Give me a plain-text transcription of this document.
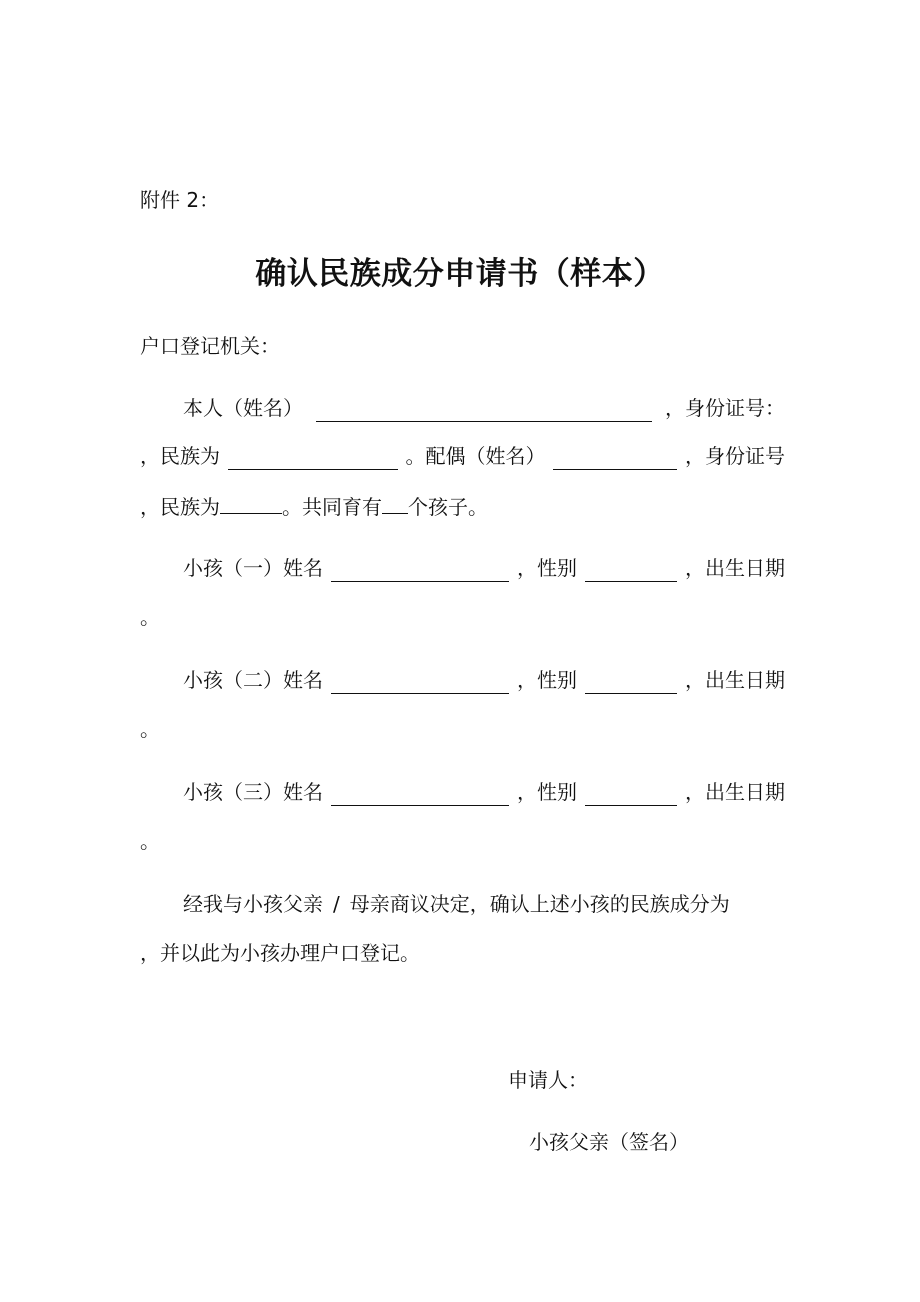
附件 2：
确认民族成分申请书（样本）
户口登记机关：
本人（姓名）	，身份证号：
，民族为	。配偶（姓名）	，身份证号
，民族为	。共同育有 个孩子。
小孩（一）姓名	，性别	，出生日期
。
小孩（二）姓名	，性别	，出生日期
。
小孩（三）姓名	，性别	，出生日期
。
经我与小孩父亲 / 母亲商议决定，确认上述小孩的民族成分为
，并以此为小孩办理户口登记。
申请人：
小孩父亲（签名）
